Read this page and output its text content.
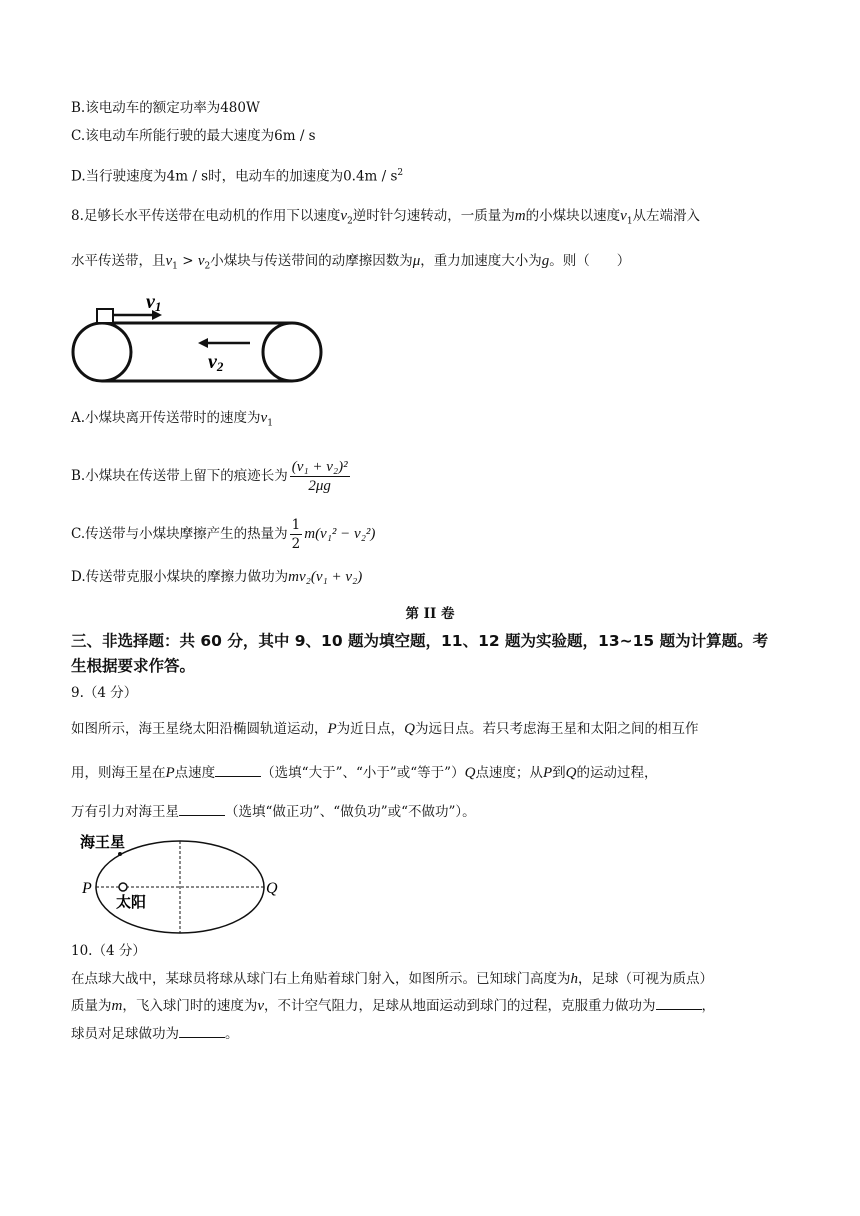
B.该电动车的额定功率为480W
C.该电动车所能行驶的最大速度为6m / s
D.当行驶速度为4m / s时，电动车的加速度为$0.4m / s^2$
8.足够长水平传送带在电动机的作用下以速度$v_2$逆时针匀速转动，一质量为m的小煤块以速度$v_1$从左端滑入
水平传送带，且$v_1 > v_2$小煤块与传送带间的动摩擦因数为μ，重力加速度大小为g。则（　　）
v1
v2
A.小煤块离开传送带时的速度为$v_1$
B.小煤块在传送带上留下的痕迹长为 $\frac{\text{(v₁ + v₂)²}}{2\mu g}$
C.传送带与小煤块摩擦产生的热量为 $\frac{1}{2} m(v_1^2 - v_2^2)$
D.传送带克服小煤块的摩擦力做功为mv₂(v₁ + v₂)
第 II 卷
三、非选择题：共 60 分，其中 9、10 题为填空题，11、12 题为实验题，13~15 题为计算题。考
生根据要求作答。
9.（4 分）
如图所示，海王星绕太阳沿椭圆轨道运动，P为近日点，Q为远日点。若只考虑海王星和太阳之间的相互作
用，则海王星在P点速度	（选填“大于”、“小于”或“等于”）Q点速度；从P到Q的运动过程，
万有引力对海王星	（选填“做正功”、“做负功”或“不做功”）。
海王星
太阳
P	Q
10.（4 分）
在点球大战中，某球员将球从球门右上角贴着球门射入，如图所示。已知球门高度为h，足球（可视为质点）
质量为m，飞入球门时的速度为v，不计空气阻力，足球从地面运动到球门的过程，克服重力做功为	，
球员对足球做功为	。
